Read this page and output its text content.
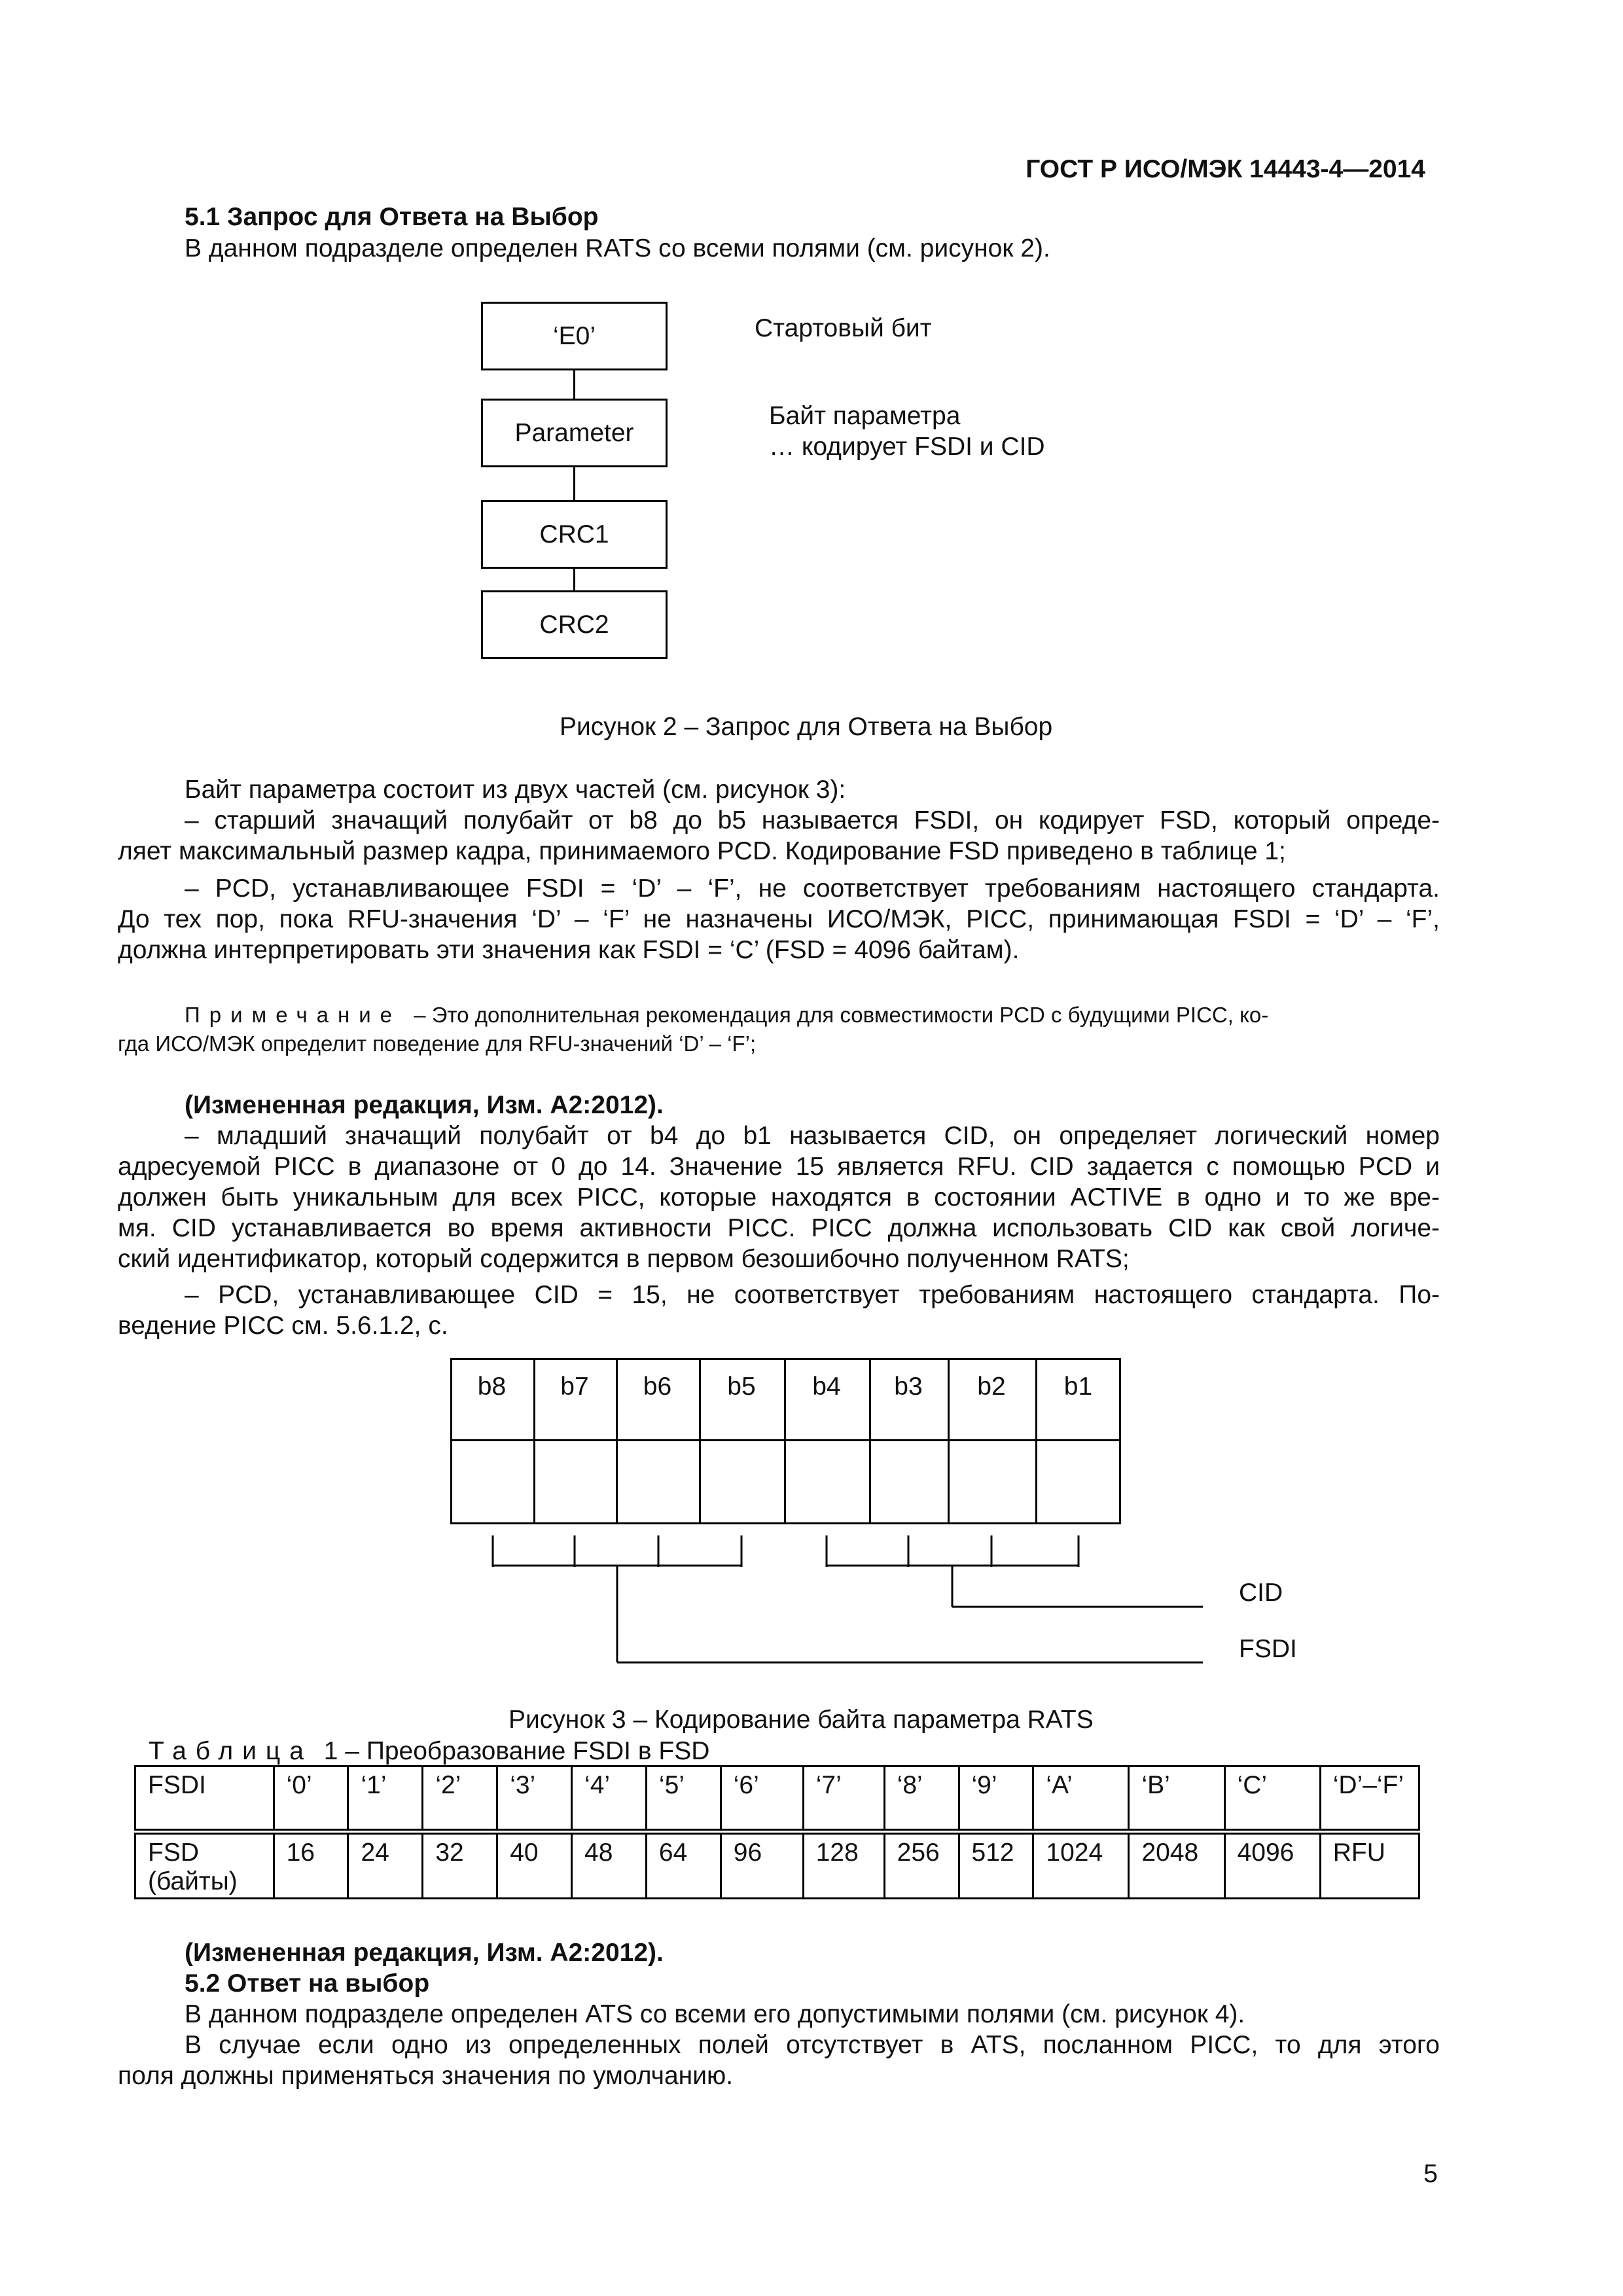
ГОСТ Р ИСО/МЭК 14443-4—2014
5.1 Запрос для Ответа на Выбор
В данном подразделе определен RATS со всеми полями (см. рисунок 2).
‘E0’
Parameter
CRC1
CRC2
Стартовый бит
Байт параметра
… кодирует FSDI и CID
Рисунок 2 – Запрос для Ответа на Выбор
Байт параметра состоит из двух частей (см. рисунок 3):
– старший значащий полубайт от b8 до b5 называется FSDI, он кодирует FSD, который опреде-
ляет максимальный размер кадра, принимаемого PCD. Кодирование FSD приведено в таблице 1;
– PCD, устанавливающее FSDI = ‘D’ – ‘F’, не соответствует требованиям настоящего стандарта.
До тех пор, пока RFU-значения ‘D’ – ‘F’ не назначены ИСО/МЭК, PICC, принимающая FSDI = ‘D’ – ‘F’,
должна интерпретировать эти значения как FSDI = ‘C’ (FSD = 4096 байтам).
Примечание – Это дополнительная рекомендация для совместимости PCD с будущими PICC, ко-
гда ИСО/МЭК определит поведение для RFU-значений ‘D’ – ‘F’;
(Измененная редакция, Изм. А2:2012).
– младший значащий полубайт от b4 до b1 называется CID, он определяет логический номер
адресуемой PICC в диапазоне от 0 до 14. Значение 15 является RFU. CID задается с помощью PCD и
должен быть уникальным для всех PICC, которые находятся в состоянии ACTIVE в одно и то же вре-
мя. CID устанавливается во время активности PICC. PICC должна использовать CID как свой логиче-
ский идентификатор, который содержится в первом безошибочно полученном RATS;
– PCD, устанавливающее CID = 15, не соответствует требованиям настоящего стандарта. По-
ведение PICC см. 5.6.1.2, с.
b8	b7	b6	b5	b4	b3	b2	b1
CID
FSDI
Рисунок 3 – Кодирование байта параметра RATS
Таблица 1 – Преобразование FSDI в FSD
FSDI	‘0’	‘1’	‘2’	‘3’	‘4’	‘5’	‘6’	‘7’	‘8’	‘9’	‘A’	‘B’	‘C’	‘D’–‘F’

FSD
(байты)	16	24	32	40	48	64	96	128	256	512	1024	2048	4096	RFU
(Измененная редакция, Изм. А2:2012).
5.2 Ответ на выбор
В данном подразделе определен ATS со всеми его допустимыми полями (см. рисунок 4).
В случае если одно из определенных полей отсутствует в ATS, посланном PICC, то для этого
поля должны применяться значения по умолчанию.
5
